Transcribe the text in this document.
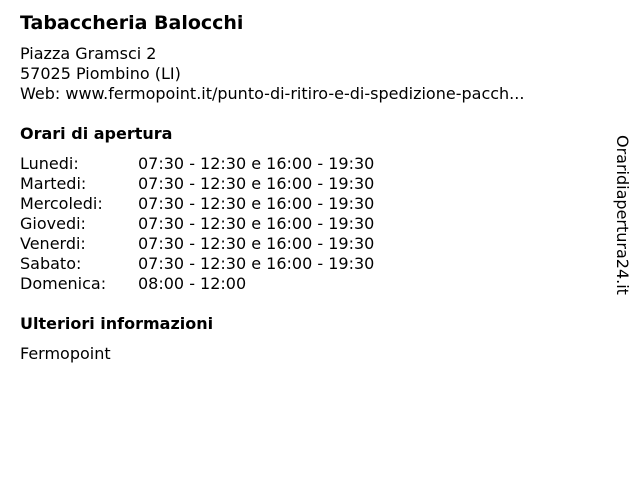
Tabaccheria Balocchi
Piazza Gramsci 2
57025 Piombino (LI)
Web: www.fermopoint.it/punto-di-ritiro-e-di-spedizione-pacch...
Orari di apertura
Lunedi:	07:30 - 12:30 e 16:00 - 19:30
Martedi:	07:30 - 12:30 e 16:00 - 19:30
Mercoledi: 07:30 - 12:30 e 16:00 - 19:30
Giovedi:	07:30 - 12:30 e 16:00 - 19:30
Venerdi:	07:30 - 12:30 e 16:00 - 19:30
Sabato:	07:30 - 12:30 e 16:00 - 19:30
Domenica: 08:00 - 12:00
Ulteriori informazioni
Fermopoint
Oraridiapertura24.it
